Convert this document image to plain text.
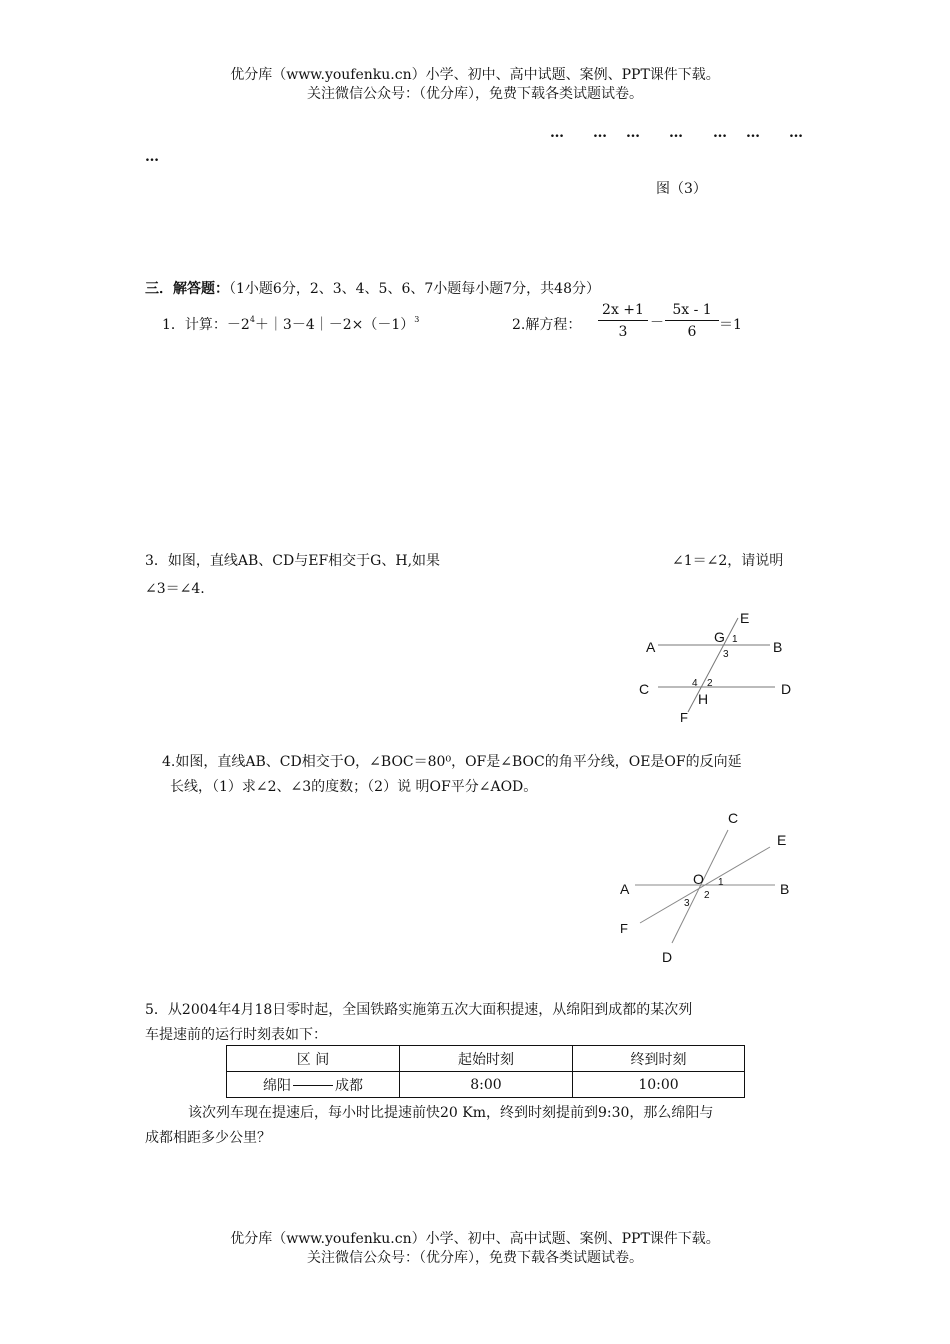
优分库（www.youfenku.cn）小学、初中、高中试题、案例、PPT课件下载。
关注微信公众号：（优分库），免费下载各类试题试卷。
… … … … … … …
…
图（3）
三．解答题：（1小题6分，2、3、4、5、6、7小题每小题7分，共48分）
1．计算：$-2^4+|3-4|-2\times(-1)^3$	2.解方程： $\frac{2x +1}{3} - \frac{5x - 1}{6} =1$
3．如图，直线AB、CD与EF相交于G、H,如果	∠1＝∠2，请说明
∠3＝∠4.
E
G 1
A	B
3
C	4 2	D
H
F
4.如图，直线AB、CD相交于O，∠BOC＝80⁰，OF是∠BOC的角平分线，OE是OF的反向延
长线，（1）求∠2、∠3的度数；（2）说 明OF平分∠AOD。
C
E
A
O 1	B
2
3
F
D
5．从2004年4月18日零时起，全国铁路实施第五次大面积提速，从绵阳到成都的某次列
车提速前的运行时刻表如下：
区 间	起始时刻	终到时刻
绵阳 成都	8:00	10:00
该次列车现在提速后，每小时比提速前快20 Km，终到时刻提前到9:30，那么绵阳与
成都相距多少公里？
优分库（www.youfenku.cn）小学、初中、高中试题、案例、PPT课件下载。
关注微信公众号：（优分库），免费下载各类试题试卷。
